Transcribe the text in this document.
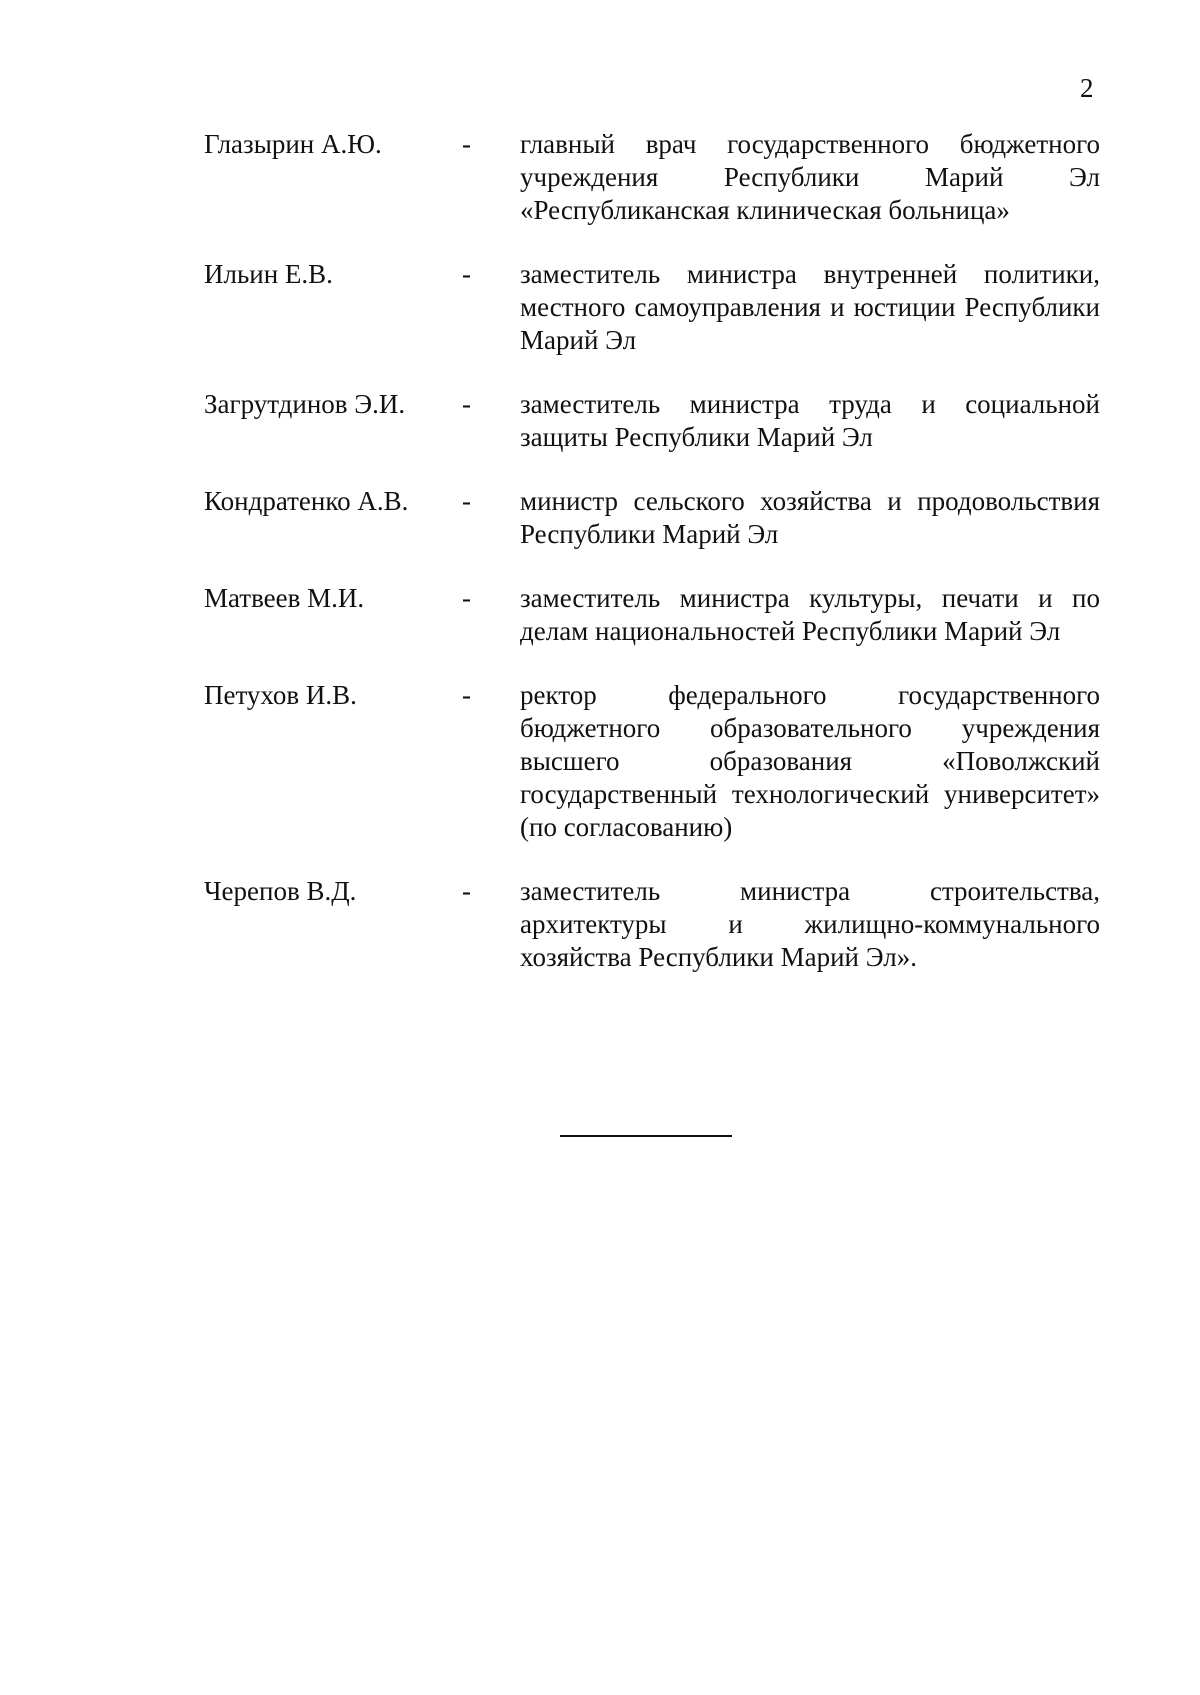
2
Глазырин А.Ю.	-	главный врач государственного бюджетного учреждения Республики Марий Эл «Республиканская клиническая больница»
Ильин Е.В.	-	заместитель министра внутренней политики, местного самоуправления и юстиции Республики Марий Эл
Загрутдинов Э.И.	-	заместитель министра труда и социальной защиты Республики Марий Эл
Кондратенко А.В.	-	министр сельского хозяйства и продовольствия Республики Марий Эл
Матвеев М.И.	-	заместитель министра культуры, печати и по делам национальностей Республики Марий Эл
Петухов И.В.	-	ректор федерального государственного бюджетного образовательного учреждения высшего образования «Поволжский государственный технологический университет» (по согласованию)
Черепов В.Д.	-	заместитель министра строительства, архитектуры и жилищно-коммунального хозяйства Республики Марий Эл».
